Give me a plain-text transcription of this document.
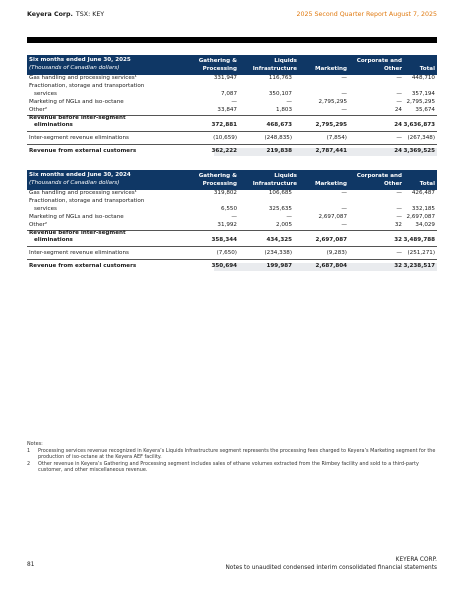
Keyera Corp. TSX: KEY	2025 Second Quarter Report August 7, 2025
Six months ended June 30, 2025
(Thousands of Canadian dollars)
Gathering & Processing
Liquids Infrastructure	Marketing
Corporate and Other	Total
Gas handling and processing services¹	331,947	116,763	—	—	448,710
Fractionation, storage and transportation
services	7,087	350,107	—	—	357,194
Marketing of NGLs and iso-octane	—	—	2,795,295	— 2,795,295
Other²	33,847	1,803	—	24	35,674
Revenue before inter-segment
eliminations	372,881	468,673	2,795,295	24 3,636,873
Inter-segment revenue eliminations	(10,659)	(248,835)	(7,854)	— (267,348)
Revenue from external customers	362,222	219,838	2,787,441	24 3,369,525
Six months ended June 30, 2024
(Thousands of Canadian dollars)
Gathering & Processing
Liquids Infrastructure	Marketing
Corporate and Other	Total
Gas handling and processing services¹	319,802	106,685	—	—	426,487
Fractionation, storage and transportation
services	6,550	325,635	—	—	332,185
Marketing of NGLs and iso-octane	—	—	2,697,087	— 2,697,087
Other²	31,992	2,005	—	32	34,029
Revenue before inter-segment
eliminations	358,344	434,325	2,697,087	32 3,489,788
Inter-segment revenue eliminations	(7,650)	(234,338)	(9,283)	— (251,271)
Revenue from external customers	350,694	199,987	2,687,804	32 3,238,517
Notes:
1 Processing services revenue recognized in Keyera’s Liquids Infrastructure segment represents the processing fees charged to Keyera’s Marketing segment for the production of iso-octane at the Keyera AEF facility.
2 Other revenue in Keyera’s Gathering and Processing segment includes sales of ethane volumes extracted from the Rimbey facility and sold to a third-party customer, and other miscellaneous revenue.
81
KEYERA CORP.
Notes to unaudited condensed interim consolidated financial statements
